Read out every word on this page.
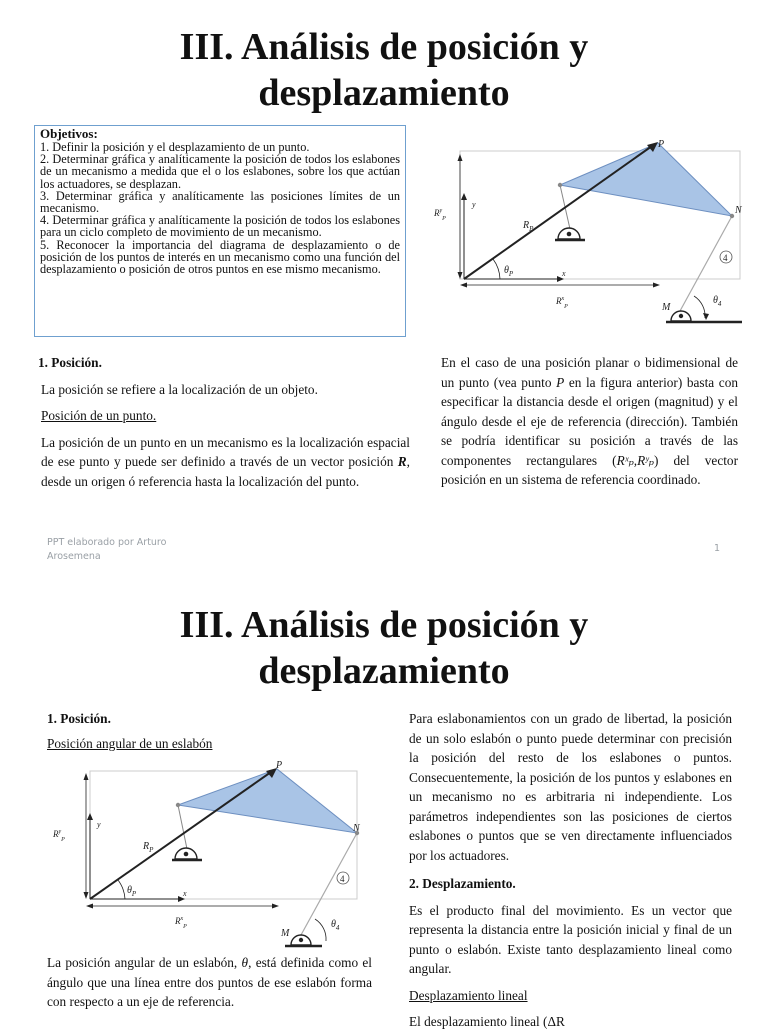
III. Análisis de posición y
desplazamiento

Objetivos:

1. Definir la posición y el desplazamiento de un punto.

2. Determinar gráfica y analíticamente la posición de todos los eslabones de un mecanismo a medida que el o los eslabones, sobre los que actúan los actuadores, se desplazan.

3. Determinar gráfica y analíticamente las posiciones límites de un mecanismo.

4. Determinar gráfica y analíticamente la posición de todos los eslabones para un ciclo completo de movimiento de un mecanismo.

5. Reconocer la importancia del diagrama de desplazamiento o de posición de los puntos de interés en un mecanismo como una función del desplazamiento o posición de otros puntos en ese mismo mecanismo.

P
N
M
$R_P$
$\theta_P$
$\theta_4$
x
y
$R^x_P$
$R^y_P$
4

1. Posición.

La posición se refiere a la localización de un objeto.

Posición de un punto.

La posición de un punto en un mecanismo es la localización espacial de ese punto y puede ser definido a través de un vector posición R, desde un origen ó referencia hasta la localización del punto.

En el caso de una posición planar o bidimensional de un punto (vea punto P en la figura anterior) basta con especificar la distancia desde el origen (magnitud) y el ángulo desde el eje de referencia (dirección). También se podría identificar su posición a través de las componentes rectangulares (Rˣₚ,Rʸₚ) del vector posición en un sistema de referencia coordinado.

PPT elaborado por Arturo Arosemena
1
III. Análisis de posición y
desplazamiento

1. Posición.

Posición angular de un eslabón

P
N
M
$R_P$
$\theta_P$
$\theta_4$
x
y
$R^x_P$
$R^y_P$
4

La posición angular de un eslabón, θ, está definida como el ángulo que una línea entre dos puntos de ese eslabón forma con respecto a un eje de referencia.

Para eslabonamientos con un grado de libertad, la posición de un solo eslabón o punto puede determinar con precisión la posición del resto de los eslabones o puntos. Consecuentemente, la posición de los puntos y eslabones en un mecanismo no es arbitraria ni independiente. Los parámetros independientes son las posiciones de ciertos eslabones o puntos que se ven directamente influenciados por los actuadores.

2. Desplazamiento.

Es el producto final del movimiento. Es un vector que representa la distancia entre la posición inicial y final de un punto o eslabón. Existe tanto desplazamiento lineal como angular.

Desplazamiento lineal

El desplazamiento lineal (ΔR
